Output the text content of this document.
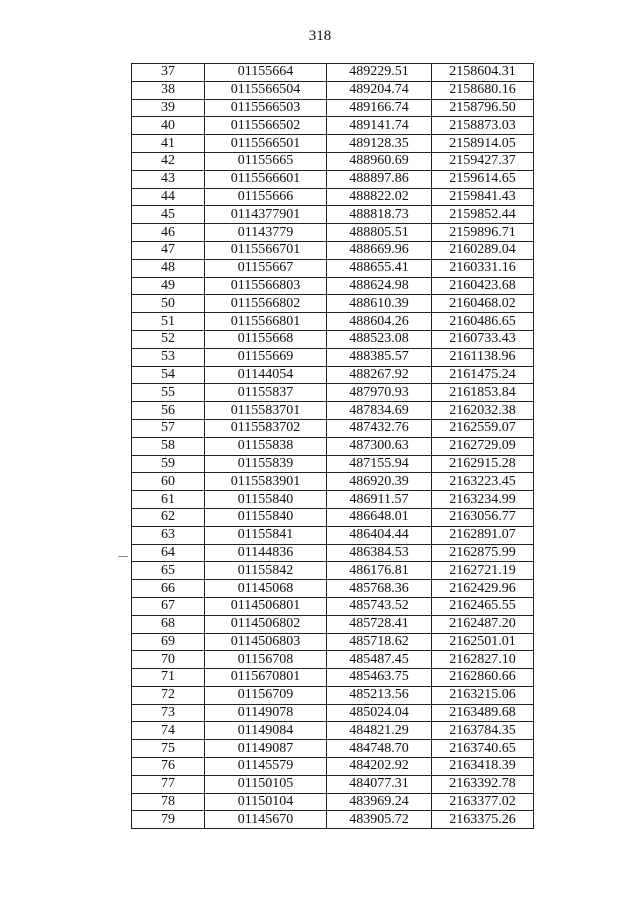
318
37	01155664	489229.51	2158604.31
38	0115566504	489204.74	2158680.16
39	0115566503	489166.74	2158796.50
40	0115566502	489141.74	2158873.03
41	0115566501	489128.35	2158914.05
42	01155665	488960.69	2159427.37
43	0115566601	488897.86	2159614.65
44	01155666	488822.02	2159841.43
45	0114377901	488818.73	2159852.44
46	01143779	488805.51	2159896.71
47	0115566701	488669.96	2160289.04
48	01155667	488655.41	2160331.16
49	0115566803	488624.98	2160423.68
50	0115566802	488610.39	2160468.02
51	0115566801	488604.26	2160486.65
52	01155668	488523.08	2160733.43
53	01155669	488385.57	2161138.96
54	01144054	488267.92	2161475.24
55	01155837	487970.93	2161853.84
56	0115583701	487834.69	2162032.38
57	0115583702	487432.76	2162559.07
58	01155838	487300.63	2162729.09
59	01155839	487155.94	2162915.28
60	0115583901	486920.39	2163223.45
61	01155840	486911.57	2163234.99
62	01155840	486648.01	2163056.77
63	01155841	486404.44	2162891.07
64	01144836	486384.53	2162875.99
65	01155842	486176.81	2162721.19
66	01145068	485768.36	2162429.96
67	0114506801	485743.52	2162465.55
68	0114506802	485728.41	2162487.20
69	0114506803	485718.62	2162501.01
70	01156708	485487.45	2162827.10
71	0115670801	485463.75	2162860.66
72	01156709	485213.56	2163215.06
73	01149078	485024.04	2163489.68
74	01149084	484821.29	2163784.35
75	01149087	484748.70	2163740.65
76	01145579	484202.92	2163418.39
77	01150105	484077.31	2163392.78
78	01150104	483969.24	2163377.02
79	01145670	483905.72	2163375.26
